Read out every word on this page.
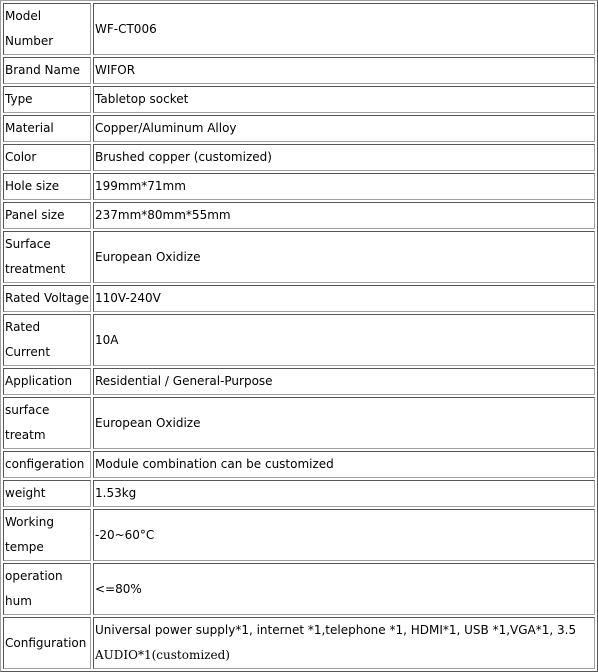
Model Number	WF-CT006
Brand Name	WIFOR
Type	Tabletop socket
Material	Copper/Aluminum Alloy
Color	Brushed copper (customized)
Hole size	199mm*71mm
Panel size	237mm*80mm*55mm
Surface treatment	European Oxidize
Rated Voltage	110V-240V
Rated Current	10A
Application	Residential / General-Purpose
surface treatm	European Oxidize
configeration	Module combination can be customized
weight	1.53kg
Working tempe	-20~60°C
operation hum	<=80%
Configuration	Universal power supply*1, internet *1,telephone *1, HDMI*1, USB *1,VGA*1, 3.5 AUDIO*1(customized)
